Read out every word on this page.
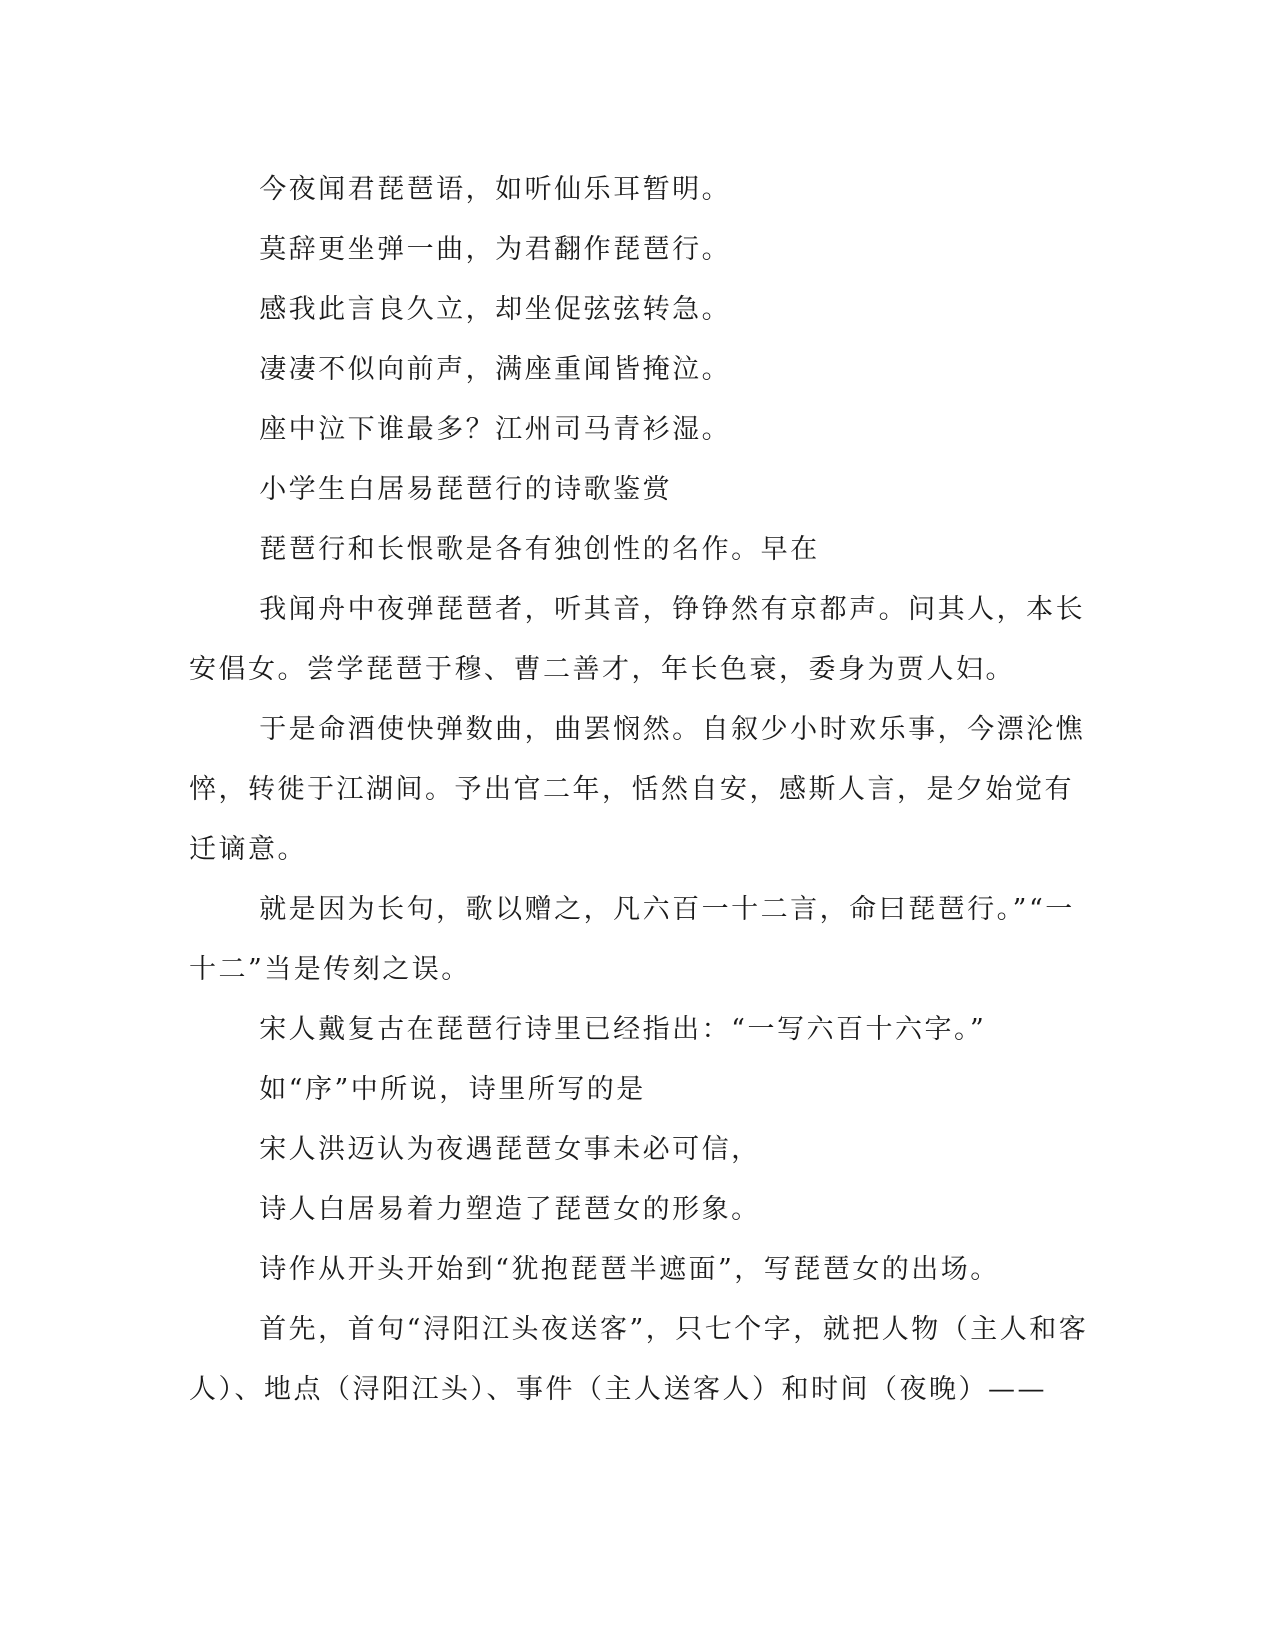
今夜闻君琵琶语，如听仙乐耳暂明。

莫辞更坐弹一曲，为君翻作琵琶行。

感我此言良久立，却坐促弦弦转急。

凄凄不似向前声，满座重闻皆掩泣。

座中泣下谁最多？江州司马青衫湿。

小学生白居易琵琶行的诗歌鉴赏

琵琶行和长恨歌是各有独创性的名作。早在

我闻舟中夜弹琵琶者，听其音，铮铮然有京都声。问其人，本长
安倡女。尝学琵琶于穆、曹二善才，年长色衰，委身为贾人妇。

于是命酒使快弹数曲，曲罢悯然。自叙少小时欢乐事，今漂沦憔
悴，转徙于江湖间。予出官二年，恬然自安，感斯人言，是夕始觉有
迁谪意。

就是因为长句，歌以赠之，凡六百一十二言，命曰琵琶行。”“一
十二”当是传刻之误。

宋人戴复古在琵琶行诗里已经指出：“一写六百十六字。”

如“序”中所说，诗里所写的是

宋人洪迈认为夜遇琵琶女事未必可信，

诗人白居易着力塑造了琵琶女的形象。

诗作从开头开始到“犹抱琵琶半遮面”，写琵琶女的出场。

首先，首句“浔阳江头夜送客”，只七个字，就把人物（主人和客
人）、地点（浔阳江头）、事件（主人送客人）和时间（夜晚）——
